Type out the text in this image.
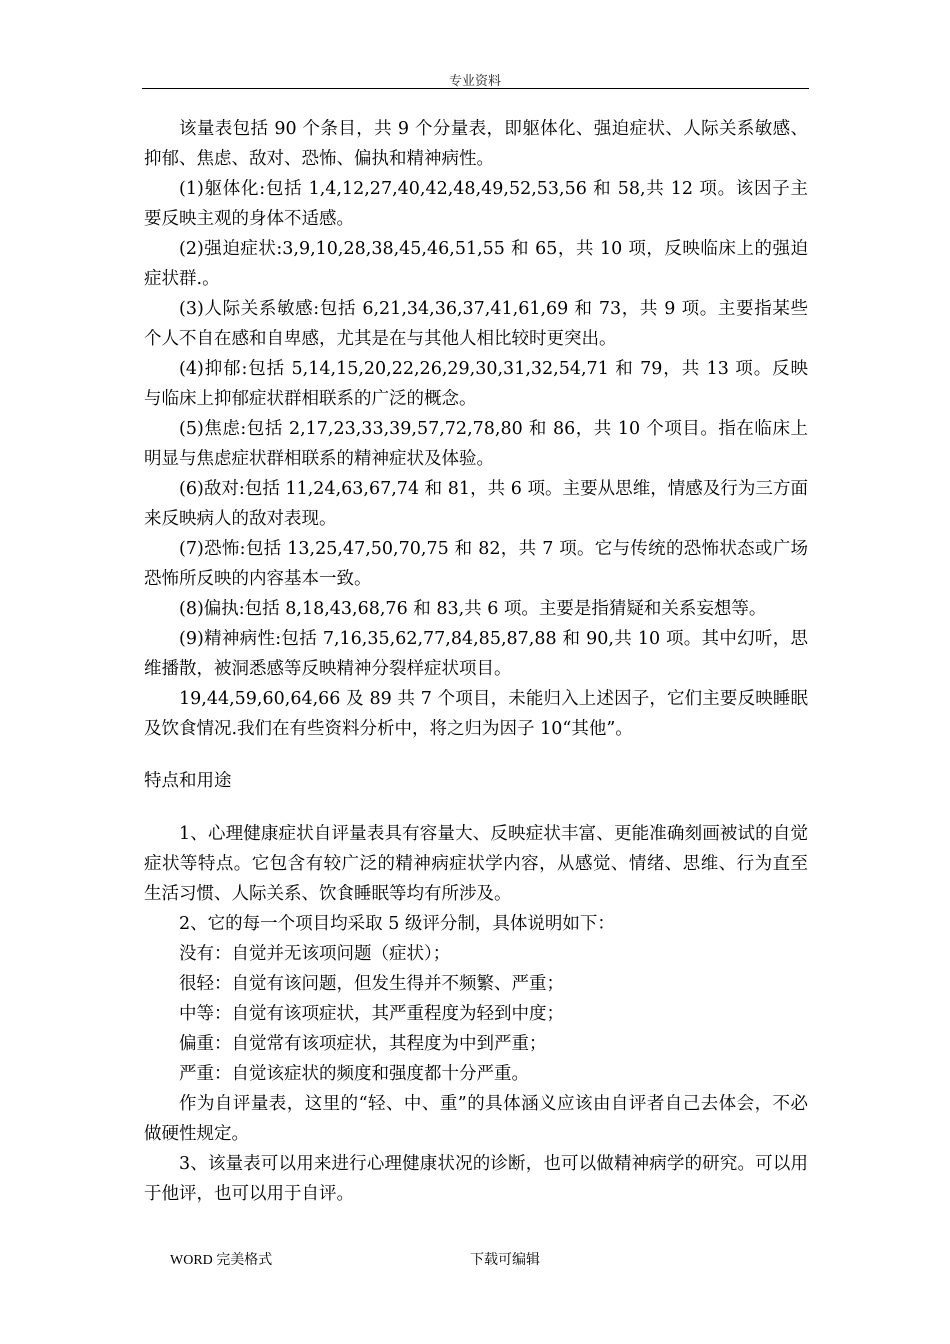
专业资料

该量表包括 90 个条目，共 9 个分量表，即躯体化、强迫症状、人际关系敏感、抑郁、焦虑、敌对、恐怖、偏执和精神病性。

(1)躯体化:包括 1,4,12,27,40,42,48,49,52,53,56 和 58,共 12 项。该因子主要反映主观的身体不适感。

(2)强迫症状:3,9,10,28,38,45,46,51,55 和 65，共 10 项，反映临床上的强迫症状群.。

(3)人际关系敏感:包括 6,21,34,36,37,41,61,69 和 73，共 9 项。主要指某些个人不自在感和自卑感，尤其是在与其他人相比较时更突出。

(4)抑郁:包括 5,14,15,20,22,26,29,30,31,32,54,71 和 79，共 13 项。反映与临床上抑郁症状群相联系的广泛的概念。

(5)焦虑:包括 2,17,23,33,39,57,72,78,80 和 86，共 10 个项目。指在临床上明显与焦虑症状群相联系的精神症状及体验。

(6)敌对:包括 11,24,63,67,74 和 81，共 6 项。主要从思维，情感及行为三方面来反映病人的敌对表现。

(7)恐怖:包括 13,25,47,50,70,75 和 82，共 7 项。它与传统的恐怖状态或广场恐怖所反映的内容基本一致。

(8)偏执:包括 8,18,43,68,76 和 83,共 6 项。主要是指猜疑和关系妄想等。

(9)精神病性:包括 7,16,35,62,77,84,85,87,88 和 90,共 10 项。其中幻听，思维播散，被洞悉感等反映精神分裂样症状项目。

19,44,59,60,64,66 及 89 共 7 个项目，未能归入上述因子，它们主要反映睡眠及饮食情况.我们在有些资料分析中，将之归为因子 10“其他”。

特点和用途

1、心理健康症状自评量表具有容量大、反映症状丰富、更能准确刻画被试的自觉症状等特点。它包含有较广泛的精神病症状学内容，从感觉、情绪、思维、行为直至生活习惯、人际关系、饮食睡眠等均有所涉及。

2、它的每一个项目均采取 5 级评分制，具体说明如下：

没有：自觉并无该项问题（症状）；

很轻：自觉有该问题，但发生得并不频繁、严重；

中等：自觉有该项症状，其严重程度为轻到中度；

偏重：自觉常有该项症状，其程度为中到严重；

严重：自觉该症状的频度和强度都十分严重。

作为自评量表，这里的“轻、中、重”的具体涵义应该由自评者自己去体会，不必做硬性规定。

3、该量表可以用来进行心理健康状况的诊断，也可以做精神病学的研究。可以用于他评，也可以用于自评。

WORD 完美格式	下载可编辑
